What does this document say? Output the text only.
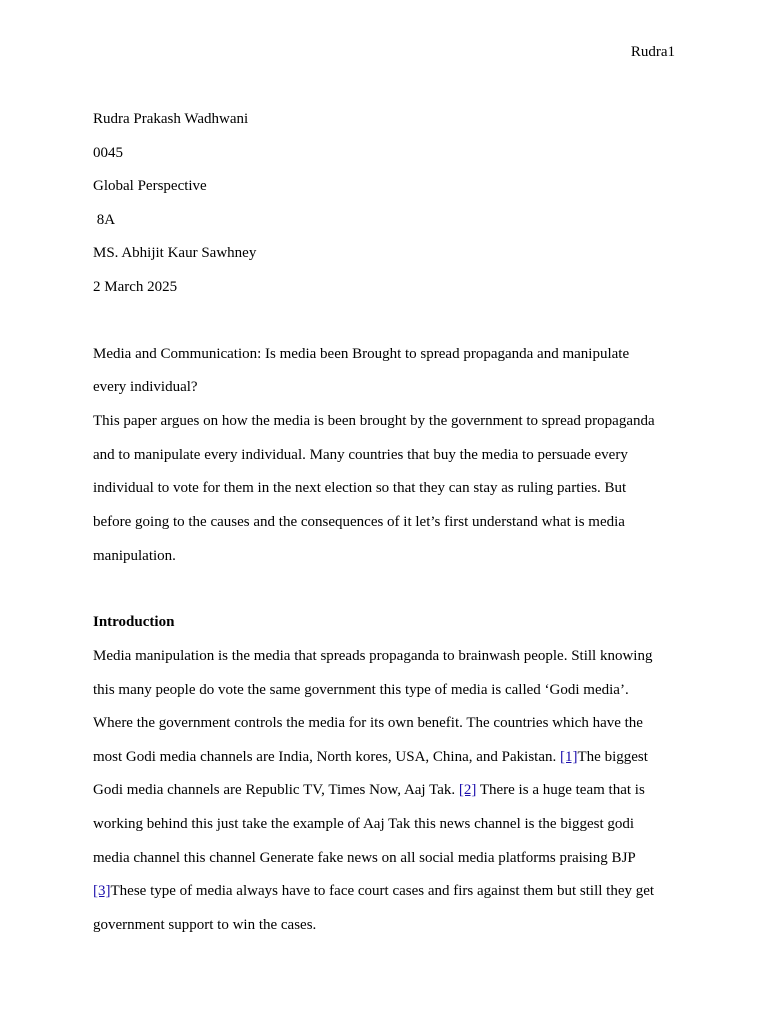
Rudra1
Rudra Prakash Wadhwani
0045
Global Perspective
8A
MS. Abhijit Kaur Sawhney
2 March 2025
Media and Communication: Is media been Brought to spread propaganda and manipulate
every individual?
This paper argues on how the media is been brought by the government to spread propaganda
and to manipulate every individual. Many countries that buy the media to persuade every
individual to vote for them in the next election so that they can stay as ruling parties. But
before going to the causes and the consequences of it let’s first understand what is media
manipulation.
Introduction
Media manipulation is the media that spreads propaganda to brainwash people. Still knowing
this many people do vote the same government this type of media is called ‘Godi media’.
Where the government controls the media for its own benefit. The countries which have the
most Godi media channels are India, North kores, USA, China, and Pakistan. [1]The biggest
Godi media channels are Republic TV, Times Now, Aaj Tak. [2] There is a huge team that is
working behind this just take the example of Aaj Tak this news channel is the biggest godi
media channel this channel Generate fake news on all social media platforms praising BJP
[3]These type of media always have to face court cases and firs against them but still they get
government support to win the cases.
